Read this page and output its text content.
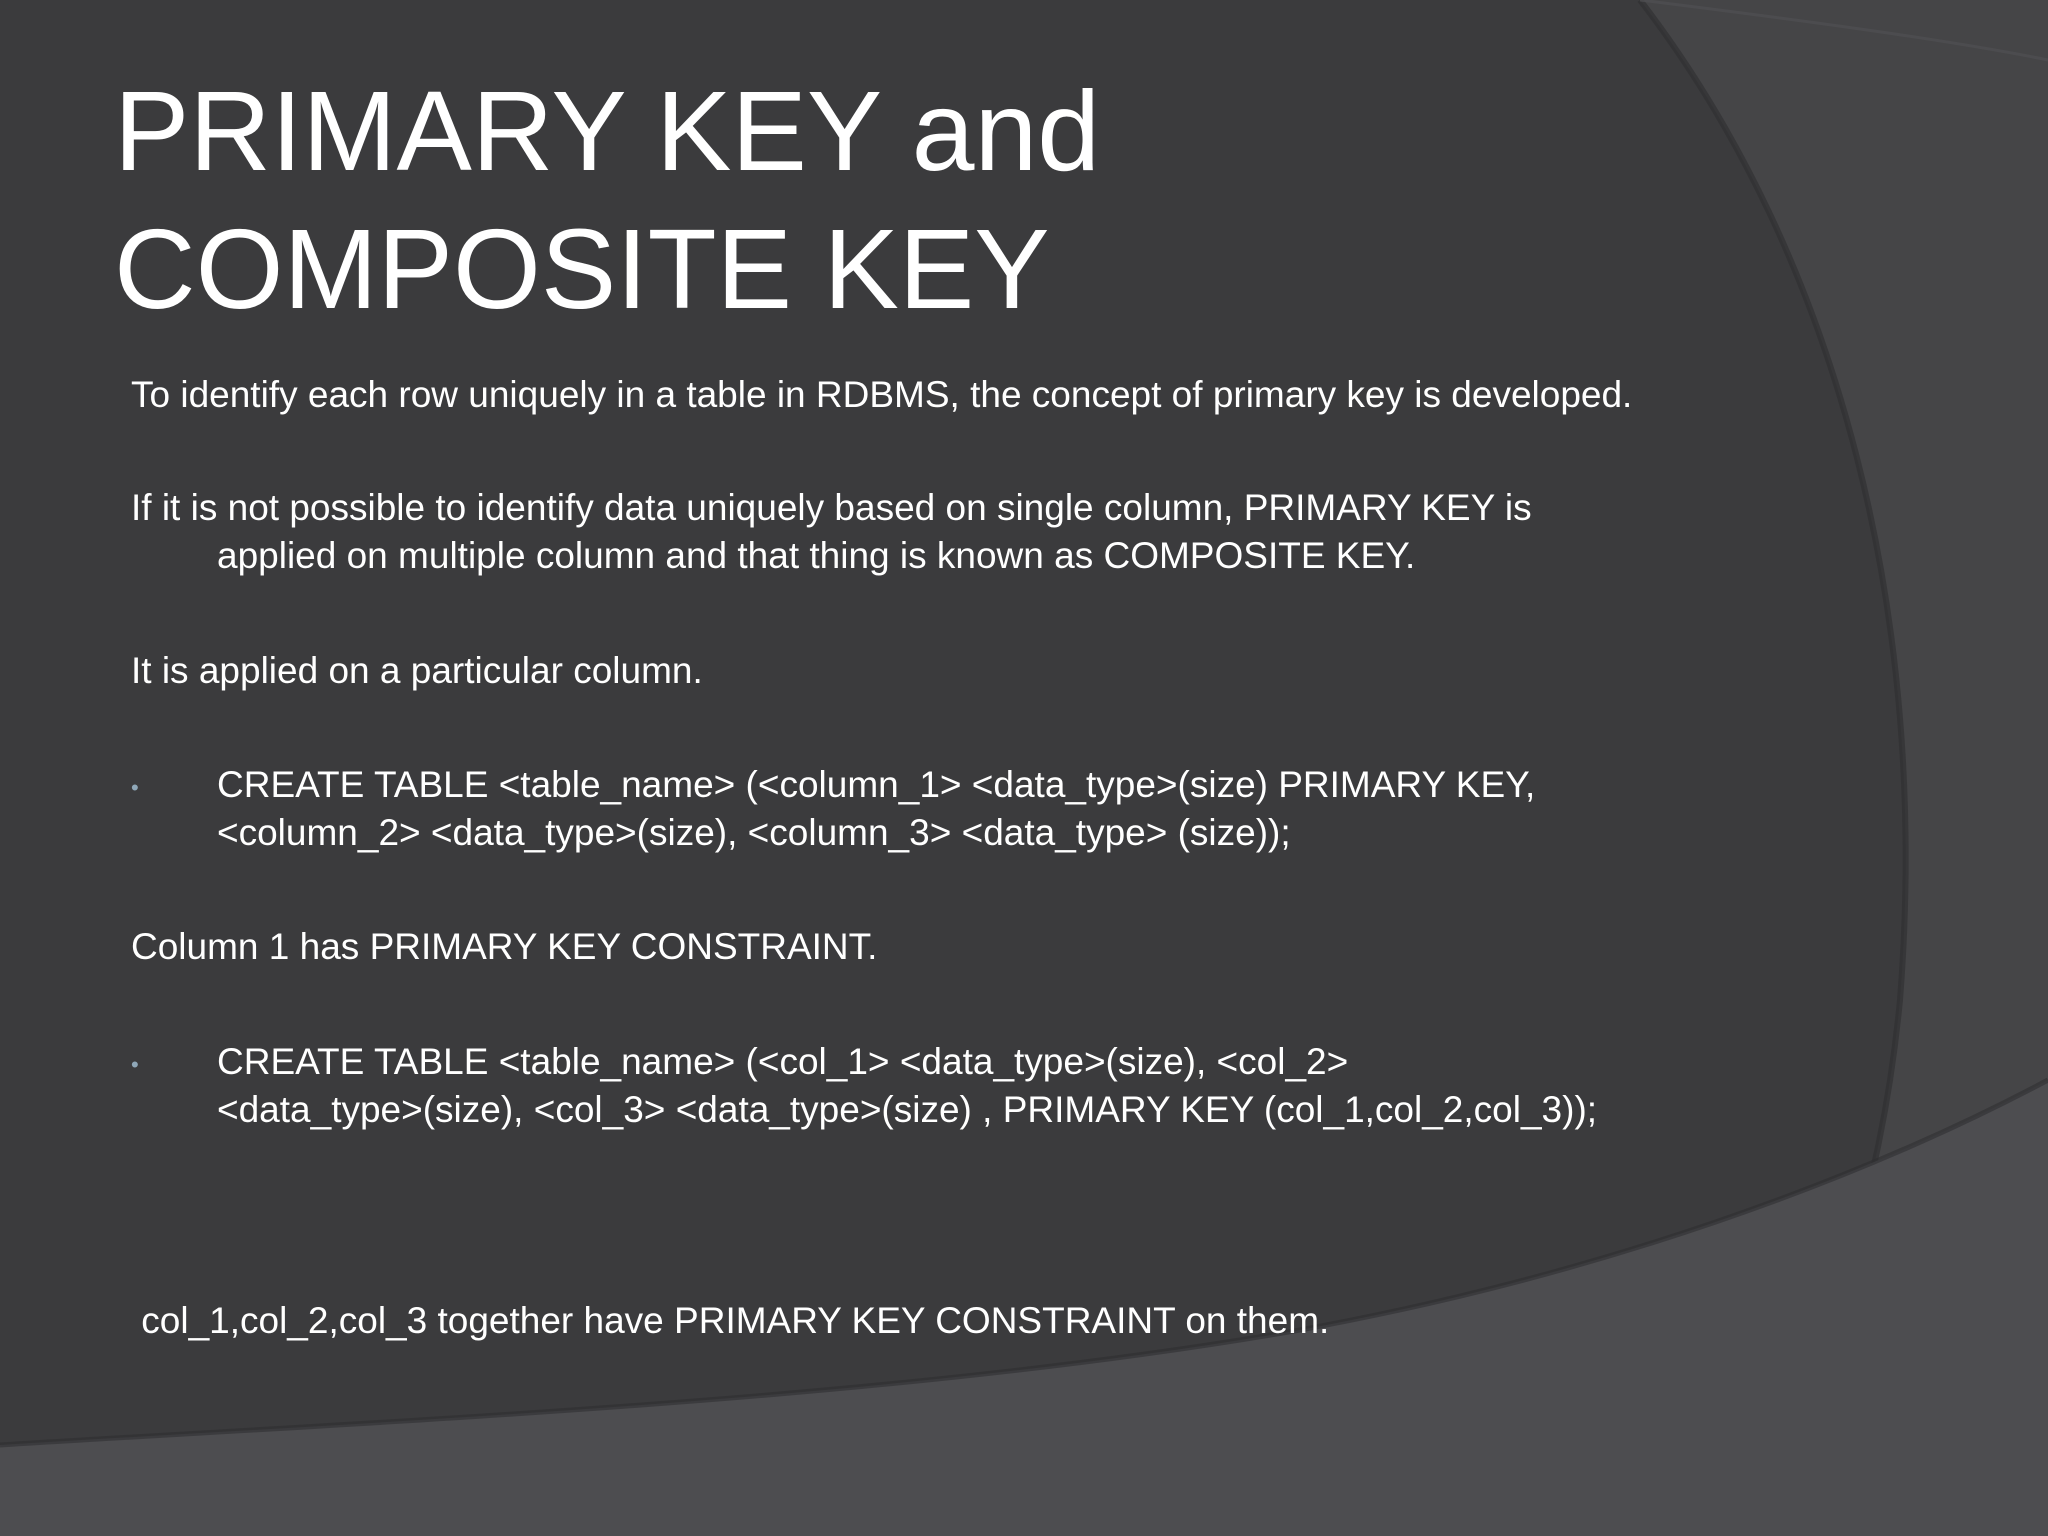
PRIMARY KEY and
COMPOSITE KEY

To identify each row uniquely in a table in RDBMS, the concept of primary key is developed.

If it is not possible to identify data uniquely based on single column, PRIMARY KEY is
applied on multiple column and that thing is known as COMPOSITE KEY.

It is applied on a particular column.

• CREATE TABLE <table_name> (<column_1> <data_type>(size) PRIMARY KEY,
<column_2> <data_type>(size), <column_3> <data_type> (size));

Column 1 has PRIMARY KEY CONSTRAINT.

• CREATE TABLE <table_name> (<col_1> <data_type>(size), <col_2>
<data_type>(size), <col_3> <data_type>(size) , PRIMARY KEY (col_1,col_2,col_3));

col_1,col_2,col_3 together have PRIMARY KEY CONSTRAINT on them.
